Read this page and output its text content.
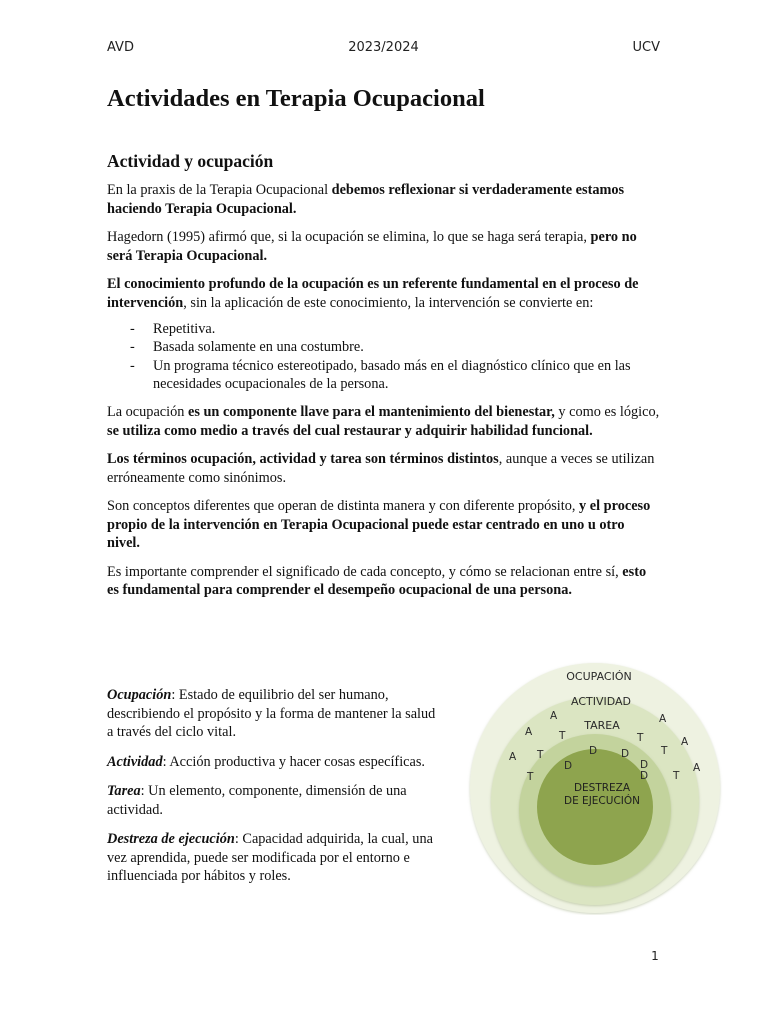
AVD	2023/2024	UCV
Actividades en Terapia Ocupacional
Actividad y ocupación

En la praxis de la Terapia Ocupacional debemos reflexionar si verdaderamente estamos haciendo Terapia Ocupacional.

Hagedorn (1995) afirmó que, si la ocupación se elimina, lo que se haga será terapia, pero no será Terapia Ocupacional.

El conocimiento profundo de la ocupación es un referente fundamental en el proceso de intervención, sin la aplicación de este conocimiento, la intervención se convierte en:

- Repetitiva.
- Basada solamente en una costumbre.
- Un programa técnico estereotipado, basado más en el diagnóstico clínico que en las necesidades ocupacionales de la persona.

La ocupación es un componente llave para el mantenimiento del bienestar, y como es lógico, se utiliza como medio a través del cual restaurar y adquirir habilidad funcional.

Los términos ocupación, actividad y tarea son términos distintos, aunque a veces se utilizan erróneamente como sinónimos.

Son conceptos diferentes que operan de distinta manera y con diferente propósito, y el proceso propio de la intervención en Terapia Ocupacional puede estar centrado en uno u otro nivel.

Es importante comprender el significado de cada concepto, y cómo se relacionan entre sí, esto es fundamental para comprender el desempeño ocupacional de una persona.

Ocupación: Estado de equilibrio del ser humano, describiendo el propósito y la forma de mantener la salud a través del ciclo vital.

Actividad: Acción productiva y hacer cosas específicas.

Tarea: Un elemento, componente, dimensión de una actividad.

Destreza de ejecución: Capacidad adquirida, la cual, una vez aprendida, puede ser modificada por el entorno e influenciada por hábitos y roles.

OCUPACIÓN
ACTIVIDAD
TAREA
DESTREZA
DE EJECUCIÓN
A
A
A
A
A
A
T
T
T
T
T
T
D D
D	D
D
1
